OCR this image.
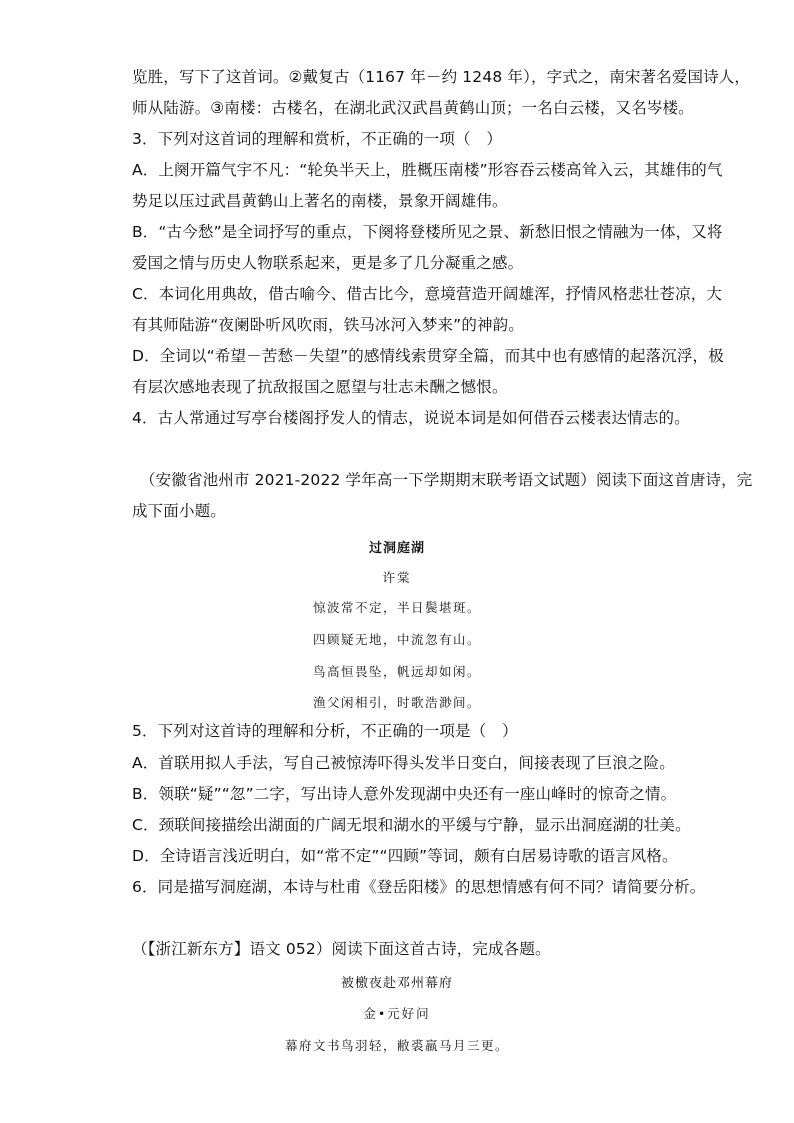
览胜，写下了这首词。②戴复古（1167 年－约 1248 年），字式之，南宋著名爱国诗人，
师从陆游。③南楼：古楼名，在湖北武汉武昌黄鹤山顶；一名白云楼，又名岑楼。
3．下列对这首词的理解和赏析，不正确的一项（　）
A．上阕开篇气宇不凡：“轮奂半天上，胜概压南楼”形容吞云楼高耸入云，其雄伟的气
势足以压过武昌黄鹤山上著名的南楼，景象开阔雄伟。
B．“古今愁”是全词抒写的重点，下阕将登楼所见之景、新愁旧恨之情融为一体，又将
爱国之情与历史人物联系起来，更是多了几分凝重之感。
C．本词化用典故，借古喻今、借古比今，意境营造开阔雄浑，抒情风格悲壮苍凉，大
有其师陆游“夜阑卧听风吹雨，铁马冰河入梦来”的神韵。
D．全词以“希望－苦愁－失望”的感情线索贯穿全篇，而其中也有感情的起落沉浮，极
有层次感地表现了抗敌报国之愿望与壮志未酬之憾恨。
4．古人常通过写亭台楼阁抒发人的情志，说说本词是如何借吞云楼表达情志的。
（安徽省池州市 2021-2022 学年高一下学期期末联考语文试题）阅读下面这首唐诗，完
成下面小题。
过洞庭湖
许棠
惊波常不定，半日鬓堪斑。
四顾疑无地，中流忽有山。
鸟高恒畏坠，帆远却如闲。
渔父闲相引，时歌浩渺间。
5．下列对这首诗的理解和分析，不正确的一项是（　）
A．首联用拟人手法，写自己被惊涛吓得头发半日变白，间接表现了巨浪之险。
B．领联“疑”“忽”二字，写出诗人意外发现湖中央还有一座山峰时的惊奇之情。
C．颈联间接描绘出湖面的广阔无垠和湖水的平缓与宁静，显示出洞庭湖的壮美。
D．全诗语言浅近明白，如“常不定”“四顾”等词，颇有白居易诗歌的语言风格。
6．同是描写洞庭湖，本诗与杜甫《登岳阳楼》的思想情感有何不同？请简要分析。
（【浙江新东方】语文 052）阅读下面这首古诗，完成各题。
被檄夜赴邓州幕府
金•元好问
幕府文书鸟羽轻，敝裘羸马月三更。
